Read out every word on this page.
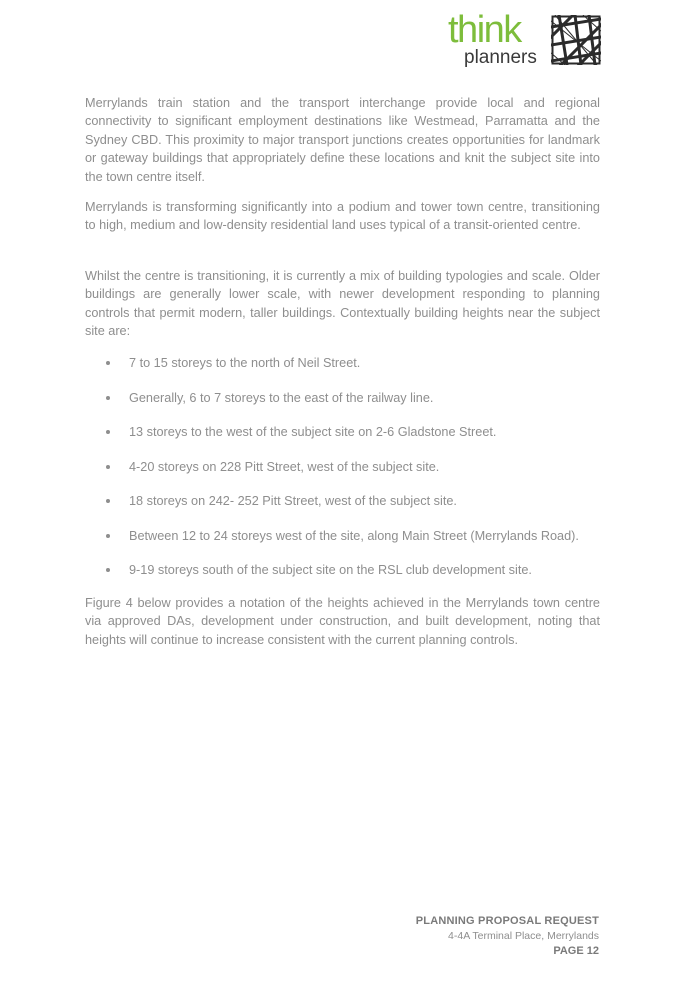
think
planners

Merrylands train station and the transport interchange provide local and regional connectivity to significant employment destinations like Westmead, Parramatta and the Sydney CBD. This proximity to major transport junctions creates opportunities for landmark or gateway buildings that appropriately define these locations and knit the subject site into the town centre itself.

Merrylands is transforming significantly into a podium and tower town centre, transitioning to high, medium and low-density residential land uses typical of a transit-oriented centre.

Whilst the centre is transitioning, it is currently a mix of building typologies and scale. Older buildings are generally lower scale, with newer development responding to planning controls that permit modern, taller buildings. Contextually building heights near the subject site are:

7 to 15 storeys to the north of Neil Street.
Generally, 6 to 7 storeys to the east of the railway line.
13 storeys to the west of the subject site on 2-6 Gladstone Street.
4-20 storeys on 228 Pitt Street, west of the subject site.
18 storeys on 242- 252 Pitt Street, west of the subject site.
Between 12 to 24 storeys west of the site, along Main Street (Merrylands Road).
9-19 storeys south of the subject site on the RSL club development site.

Figure 4 below provides a notation of the heights achieved in the Merrylands town centre via approved DAs, development under construction, and built development, noting that heights will continue to increase consistent with the current planning controls.

PLANNING PROPOSAL REQUEST
4-4A Terminal Place, Merrylands
PAGE 12
